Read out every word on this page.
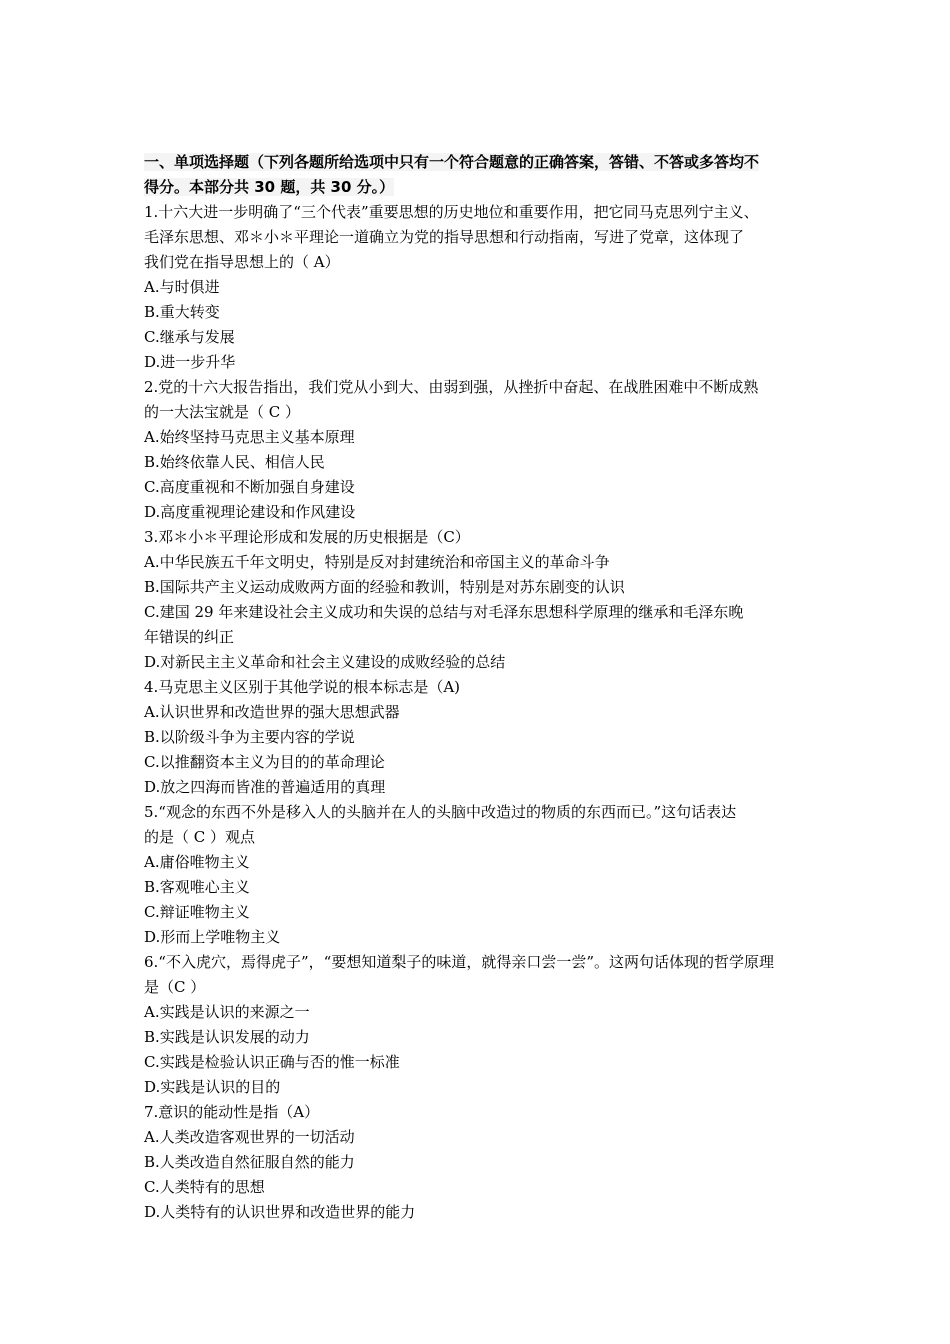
一、单项选择题（下列各题所给选项中只有一个符合题意的正确答案，答错、不答或多答均不

得分。本部分共 30 题，共 30 分。）

1.十六大进一步明确了“三个代表”重要思想的历史地位和重要作用，把它同马克思列宁主义、

毛泽东思想、邓＊小＊平理论一道确立为党的指导思想和行动指南，写进了党章，这体现了

我们党在指导思想上的（ A）

A.与时俱进

B.重大转变

C.继承与发展

D.进一步升华

2.党的十六大报告指出，我们党从小到大、由弱到强，从挫折中奋起、在战胜困难中不断成熟

的一大法宝就是（ C ）

A.始终坚持马克思主义基本原理

B.始终依靠人民、相信人民

C.高度重视和不断加强自身建设

D.高度重视理论建设和作风建设

3.邓＊小＊平理论形成和发展的历史根据是（C）

A.中华民族五千年文明史，特别是反对封建统治和帝国主义的革命斗争

B.国际共产主义运动成败两方面的经验和教训，特别是对苏东剧变的认识

C.建国 29 年来建设社会主义成功和失误的总结与对毛泽东思想科学原理的继承和毛泽东晚

年错误的纠正

D.对新民主主义革命和社会主义建设的成败经验的总结

4.马克思主义区别于其他学说的根本标志是（A)

A.认识世界和改造世界的强大思想武器

B.以阶级斗争为主要内容的学说

C.以推翻资本主义为目的的革命理论

D.放之四海而皆准的普遍适用的真理

5.“观念的东西不外是移入人的头脑并在人的头脑中改造过的物质的东西而已。”这句话表达

的是（ C ）观点

A.庸俗唯物主义

B.客观唯心主义

C.辩证唯物主义

D.形而上学唯物主义

6.“不入虎穴，焉得虎子”，“要想知道梨子的味道，就得亲口尝一尝”。这两句话体现的哲学原理

是（C ）

A.实践是认识的来源之一

B.实践是认识发展的动力

C.实践是检验认识正确与否的惟一标准

D.实践是认识的目的

7.意识的能动性是指（A）

A.人类改造客观世界的一切活动

B.人类改造自然征服自然的能力

C.人类特有的思想

D.人类特有的认识世界和改造世界的能力
